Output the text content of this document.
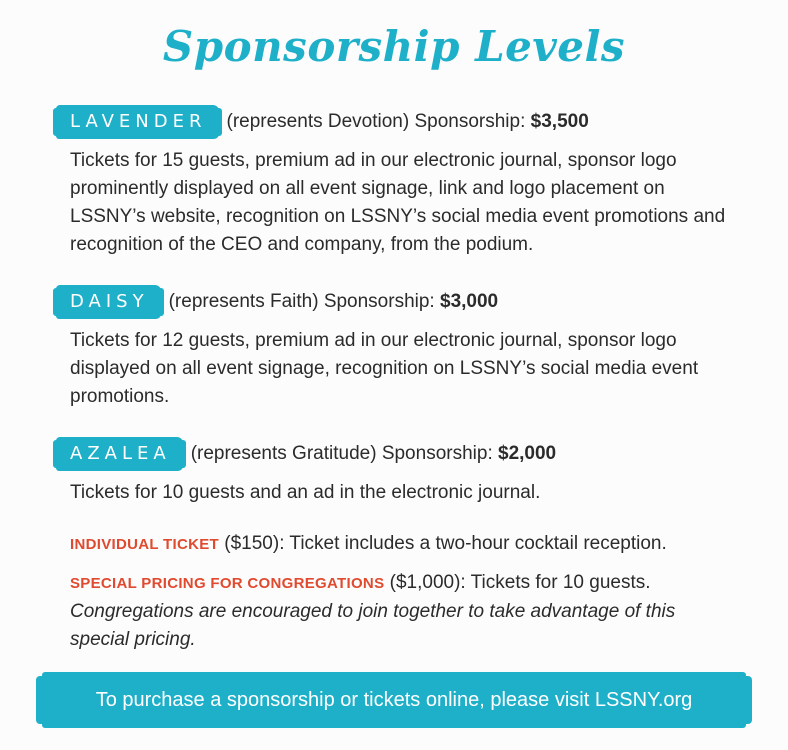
Sponsorship Levels
LAVENDER	(represents Devotion) Sponsorship: $3,500
Tickets for 15 guests, premium ad in our electronic journal, sponsor logo prominently displayed on all event signage, link and logo placement on LSSNY’s website, recognition on LSSNY’s social media event promotions and recognition of the CEO and company, from the podium.
DAISY	(represents Faith) Sponsorship: $3,000
Tickets for 12 guests, premium ad in our electronic journal, sponsor logo displayed on all event signage, recognition on LSSNY’s social media event promotions.
AZALEA	(represents Gratitude) Sponsorship: $2,000
Tickets for 10 guests and an ad in the electronic journal.
INDIVIDUAL TICKET ($150): Ticket includes a two-hour cocktail reception.
SPECIAL PRICING FOR CONGREGATIONS ($1,000): Tickets for 10 guests. Congregations are encouraged to join together to take advantage of this special pricing.
To purchase a sponsorship or tickets online, please visit LSSNY.org
